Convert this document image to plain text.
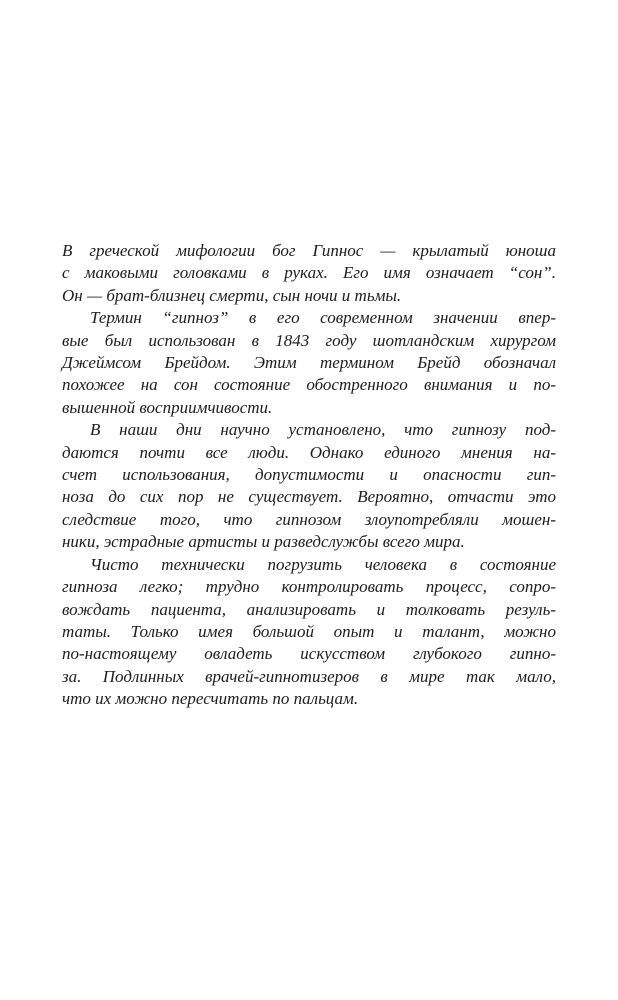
В греческой мифологии бог Гипнос — крылатый юноша
с маковыми головками в руках. Его имя означает “сон”.
Он — брат-близнец смерти, сын ночи и тьмы.
Термин “гипноз” в его современном значении впер-
вые был использован в 1843 году шотландским хирургом
Джеймсом Брейдом. Этим термином Брейд обозначал
похожее на сон состояние обостренного внимания и по-
вышенной восприимчивости.
В наши дни научно установлено, что гипнозу под-
даются почти все люди. Однако единого мнения на-
счет использования, допустимости и опасности гип-
ноза до сих пор не существует. Вероятно, отчасти это
следствие того, что гипнозом злоупотребляли мошен-
ники, эстрадные артисты и разведслужбы всего мира.
Чисто технически погрузить человека в состояние
гипноза легко; трудно контролировать процесс, сопро-
вождать пациента, анализировать и толковать резуль-
таты. Только имея большой опыт и талант, можно
по-настоящему овладеть искусством глубокого гипно-
за. Подлинных врачей-гипнотизеров в мире так мало,
что их можно пересчитать по пальцам.
